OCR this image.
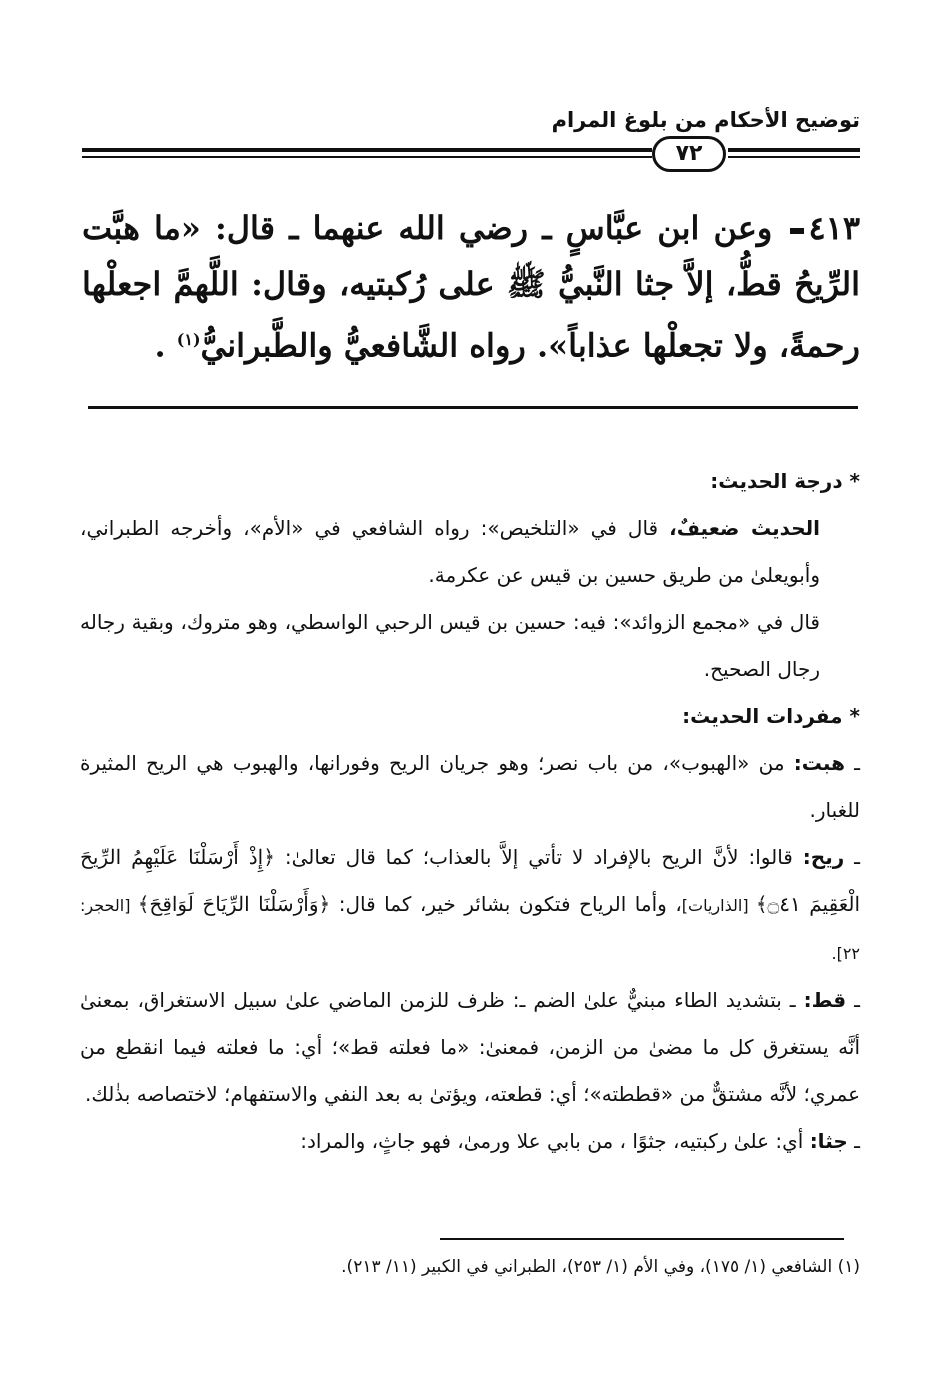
توضيح الأحكام من بلوغ المرام
٧٢
٤١٣ وعن ابن عبَّاسٍ ـ رضي الله عنهما ـ قال: «ما هبَّت الرِّيحُ قطُّ، إلاَّ جثا النَّبيُّ ﷺ على رُكبتيه، وقال: اللَّهمَّ اجعلْها رحمةً، ولا تجعلْها عذاباً». رواه الشَّافعيُّ والطَّبرانيُّ$^{(١)}$ .

* درجة الحديث:

الحديث ضعيفٌ، قال في «التلخيص»: رواه الشافعي في «الأم»، وأخرجه الطبراني، وأبويعلىٰ من طريق حسين بن قيس عن عكرمة.

قال في «مجمع الزوائد»: فيه: حسين بن قيس الرحبي الواسطي، وهو متروك، وبقية رجاله رجال الصحيح.

* مفردات الحديث:

ـ هبت: من «الهبوب»، من باب نصر؛ وهو جريان الريح وفورانها، والهبوب هي الريح المثيرة للغبار.

ـ ريح: قالوا: لأنَّ الريح بالإفراد لا تأتي إلاَّ بالعذاب؛ كما قال تعالىٰ: ﴿إِذْ أَرْسَلْنَا عَلَيْهِمُ الرِّيحَ الْعَقِيمَ ۝٤١﴾ [الذاريات]، وأما الرياح فتكون بشائر خير، كما قال: ﴿وَأَرْسَلْنَا الرِّيَاحَ لَوَاقِحَ﴾ [الحجر: ٢٢].

ـ قط: ـ بتشديد الطاء مبنيٌّ علىٰ الضم ـ: ظرف للزمن الماضي علىٰ سبيل الاستغراق، بمعنىٰ أنَّه يستغرق كل ما مضىٰ من الزمن، فمعنىٰ: «ما فعلته قط»؛ أي: ما فعلته فيما انقطع من عمري؛ لأنَّه مشتقٌّ من «قططته»؛ أي: قطعته، ويؤتىٰ به بعد النفي والاستفهام؛ لاختصاصه بذٰلك.

ـ جثا: أي: علىٰ ركبتيه، جثوًا ، من بابي علا ورمىٰ، فهو جاثٍ، والمراد:

(١) الشافعي (١/ ١٧٥)، وفي الأم (١/ ٢٥٣)، الطبراني في الكبير (١١/ ٢١٣).
